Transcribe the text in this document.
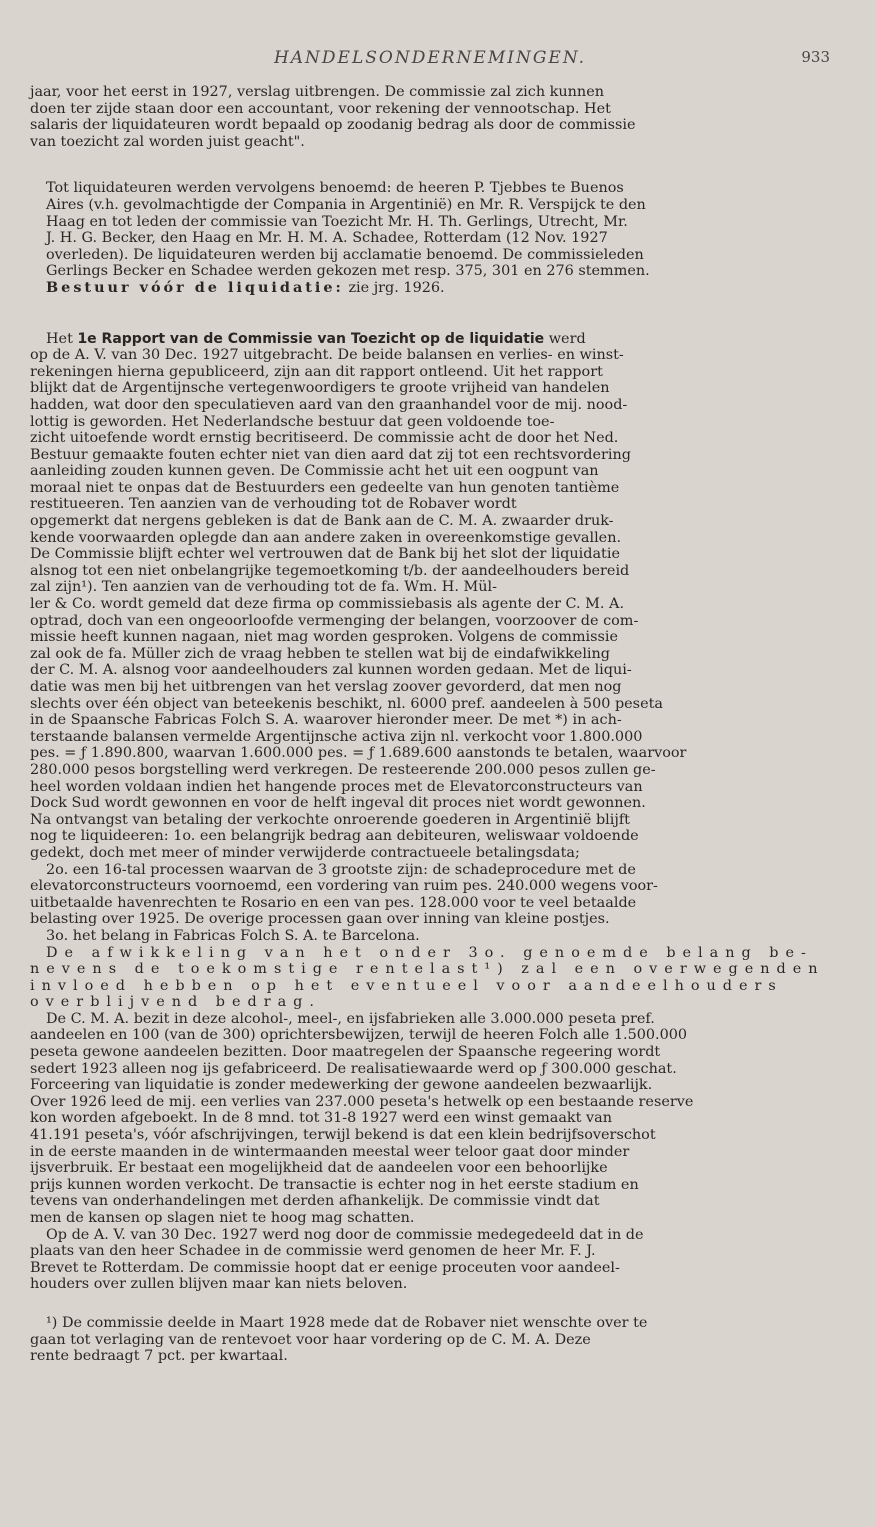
HANDELSONDERNEMINGEN.	933

jaar, voor het eerst in 1927, verslag uitbrengen. De commissie zal zich kunnen

doen ter zijde staan door een accountant, voor rekening der vennootschap. Het

salaris der liquidateuren wordt bepaald op zoodanig bedrag als door de commissie

van toezicht zal worden juist geacht".

Tot liquidateuren werden vervolgens benoemd: de heeren P. Tjebbes te Buenos

Aires (v.h. gevolmachtigde der Compania in Argentinië) en Mr. R. Verspijck te den

Haag en tot leden der commissie van Toezicht Mr. H. Th. Gerlings, Utrecht, Mr.

J. H. G. Becker, den Haag en Mr. H. M. A. Schadee, Rotterdam (12 Nov. 1927

overleden). De liquidateuren werden bij acclamatie benoemd. De commissieleden

Gerlings Becker en Schadee werden gekozen met resp. 375, 301 en 276 stemmen.

Bestuur vóór de liquidatie: zie jrg. 1926.

Het 1e Rapport van de Commissie van Toezicht op de liquidatie werd

op de A. V. van 30 Dec. 1927 uitgebracht. De beide balansen en verlies- en winst-

rekeningen hierna gepubliceerd, zijn aan dit rapport ontleend. Uit het rapport

blijkt dat de Argentijnsche vertegenwoordigers te groote vrijheid van handelen

hadden, wat door den speculatieven aard van den graanhandel voor de mij. nood-

lottig is geworden. Het Nederlandsche bestuur dat geen voldoende toe-

zicht uitoefende wordt ernstig becritiseerd. De commissie acht de door het Ned.

Bestuur gemaakte fouten echter niet van dien aard dat zij tot een rechtsvordering

aanleiding zouden kunnen geven. De Commissie acht het uit een oogpunt van

moraal niet te onpas dat de Bestuurders een gedeelte van hun genoten tantième

restitueeren. Ten aanzien van de verhouding tot de Robaver wordt

opgemerkt dat nergens gebleken is dat de Bank aan de C. M. A. zwaarder druk-

kende voorwaarden oplegde dan aan andere zaken in overeenkomstige gevallen.

De Commissie blijft echter wel vertrouwen dat de Bank bij het slot der liquidatie

alsnog tot een niet onbelangrijke tegemoetkoming t/b. der aandeelhouders bereid

zal zijn¹). Ten aanzien van de verhouding tot de fa. Wm. H. Mül-

ler & Co. wordt gemeld dat deze firma op commissiebasis als agente der C. M. A.

optrad, doch van een ongeoorloofde vermenging der belangen, voorzoover de com-

missie heeft kunnen nagaan, niet mag worden gesproken. Volgens de commissie

zal ook de fa. Müller zich de vraag hebben te stellen wat bij de eindafwikkeling

der C. M. A. alsnog voor aandeelhouders zal kunnen worden gedaan. Met de liqui-

datie was men bij het uitbrengen van het verslag zoover gevorderd, dat men nog

slechts over één object van beteekenis beschikt, nl. 6000 pref. aandeelen à 500 peseta

in de Spaansche Fabricas Folch S. A. waarover hieronder meer. De met *) in ach-

terstaande balansen vermelde Argentijnsche activa zijn nl. verkocht voor 1.800.000

pes. = ƒ 1.890.800, waarvan 1.600.000 pes. = ƒ 1.689.600 aanstonds te betalen, waarvoor

280.000 pesos borgstelling werd verkregen. De resteerende 200.000 pesos zullen ge-

heel worden voldaan indien het hangende proces met de Elevatorconstructeurs van

Dock Sud wordt gewonnen en voor de helft ingeval dit proces niet wordt gewonnen.

Na ontvangst van betaling der verkochte onroerende goederen in Argentinië blijft

nog te liquideeren: 1o. een belangrijk bedrag aan debiteuren, weliswaar voldoende

gedekt, doch met meer of minder verwijderde contractueele betalingsdata;

2o. een 16-tal processen waarvan de 3 grootste zijn: de schadeprocedure met de

elevatorconstructeurs voornoemd, een vordering van ruim pes. 240.000 wegens voor-

uitbetaalde havenrechten te Rosario en een van pes. 128.000 voor te veel betaalde

belasting over 1925. De overige processen gaan over inning van kleine postjes.

3o. het belang in Fabricas Folch S. A. te Barcelona.

De afwikkeling van het onder 3o. genoemde belang be-

nevens de toekomstige rentelast¹) zal een overwegenden

invloed hebben op het eventueel voor aandeelhouders

overblijvend bedrag.

De C. M. A. bezit in deze alcohol-, meel-, en ijsfabrieken alle 3.000.000 peseta pref.

aandeelen en 100 (van de 300) oprichtersbewijzen, terwijl de heeren Folch alle 1.500.000

peseta gewone aandeelen bezitten. Door maatregelen der Spaansche regeering wordt

sedert 1923 alleen nog ijs gefabriceerd. De realisatiewaarde werd op ƒ 300.000 geschat.

Forceering van liquidatie is zonder medewerking der gewone aandeelen bezwaarlijk.

Over 1926 leed de mij. een verlies van 237.000 peseta's hetwelk op een bestaande reserve

kon worden afgeboekt. In de 8 mnd. tot 31-8 1927 werd een winst gemaakt van

41.191 peseta's, vóór afschrijvingen, terwijl bekend is dat een klein bedrijfsoverschot

in de eerste maanden in de wintermaanden meestal weer teloor gaat door minder

ijsverbruik. Er bestaat een mogelijkheid dat de aandeelen voor een behoorlijke

prijs kunnen worden verkocht. De transactie is echter nog in het eerste stadium en

tevens van onderhandelingen met derden afhankelijk. De commissie vindt dat

men de kansen op slagen niet te hoog mag schatten.

Op de A. V. van 30 Dec. 1927 werd nog door de commissie medegedeeld dat in de

plaats van den heer Schadee in de commissie werd genomen de heer Mr. F. J.

Brevet te Rotterdam. De commissie hoopt dat er eenige proceuten voor aandeel-

houders over zullen blijven maar kan niets beloven.

¹) De commissie deelde in Maart 1928 mede dat de Robaver niet wenschte over te

gaan tot verlaging van de rentevoet voor haar vordering op de C. M. A. Deze

rente bedraagt 7 pct. per kwartaal.
